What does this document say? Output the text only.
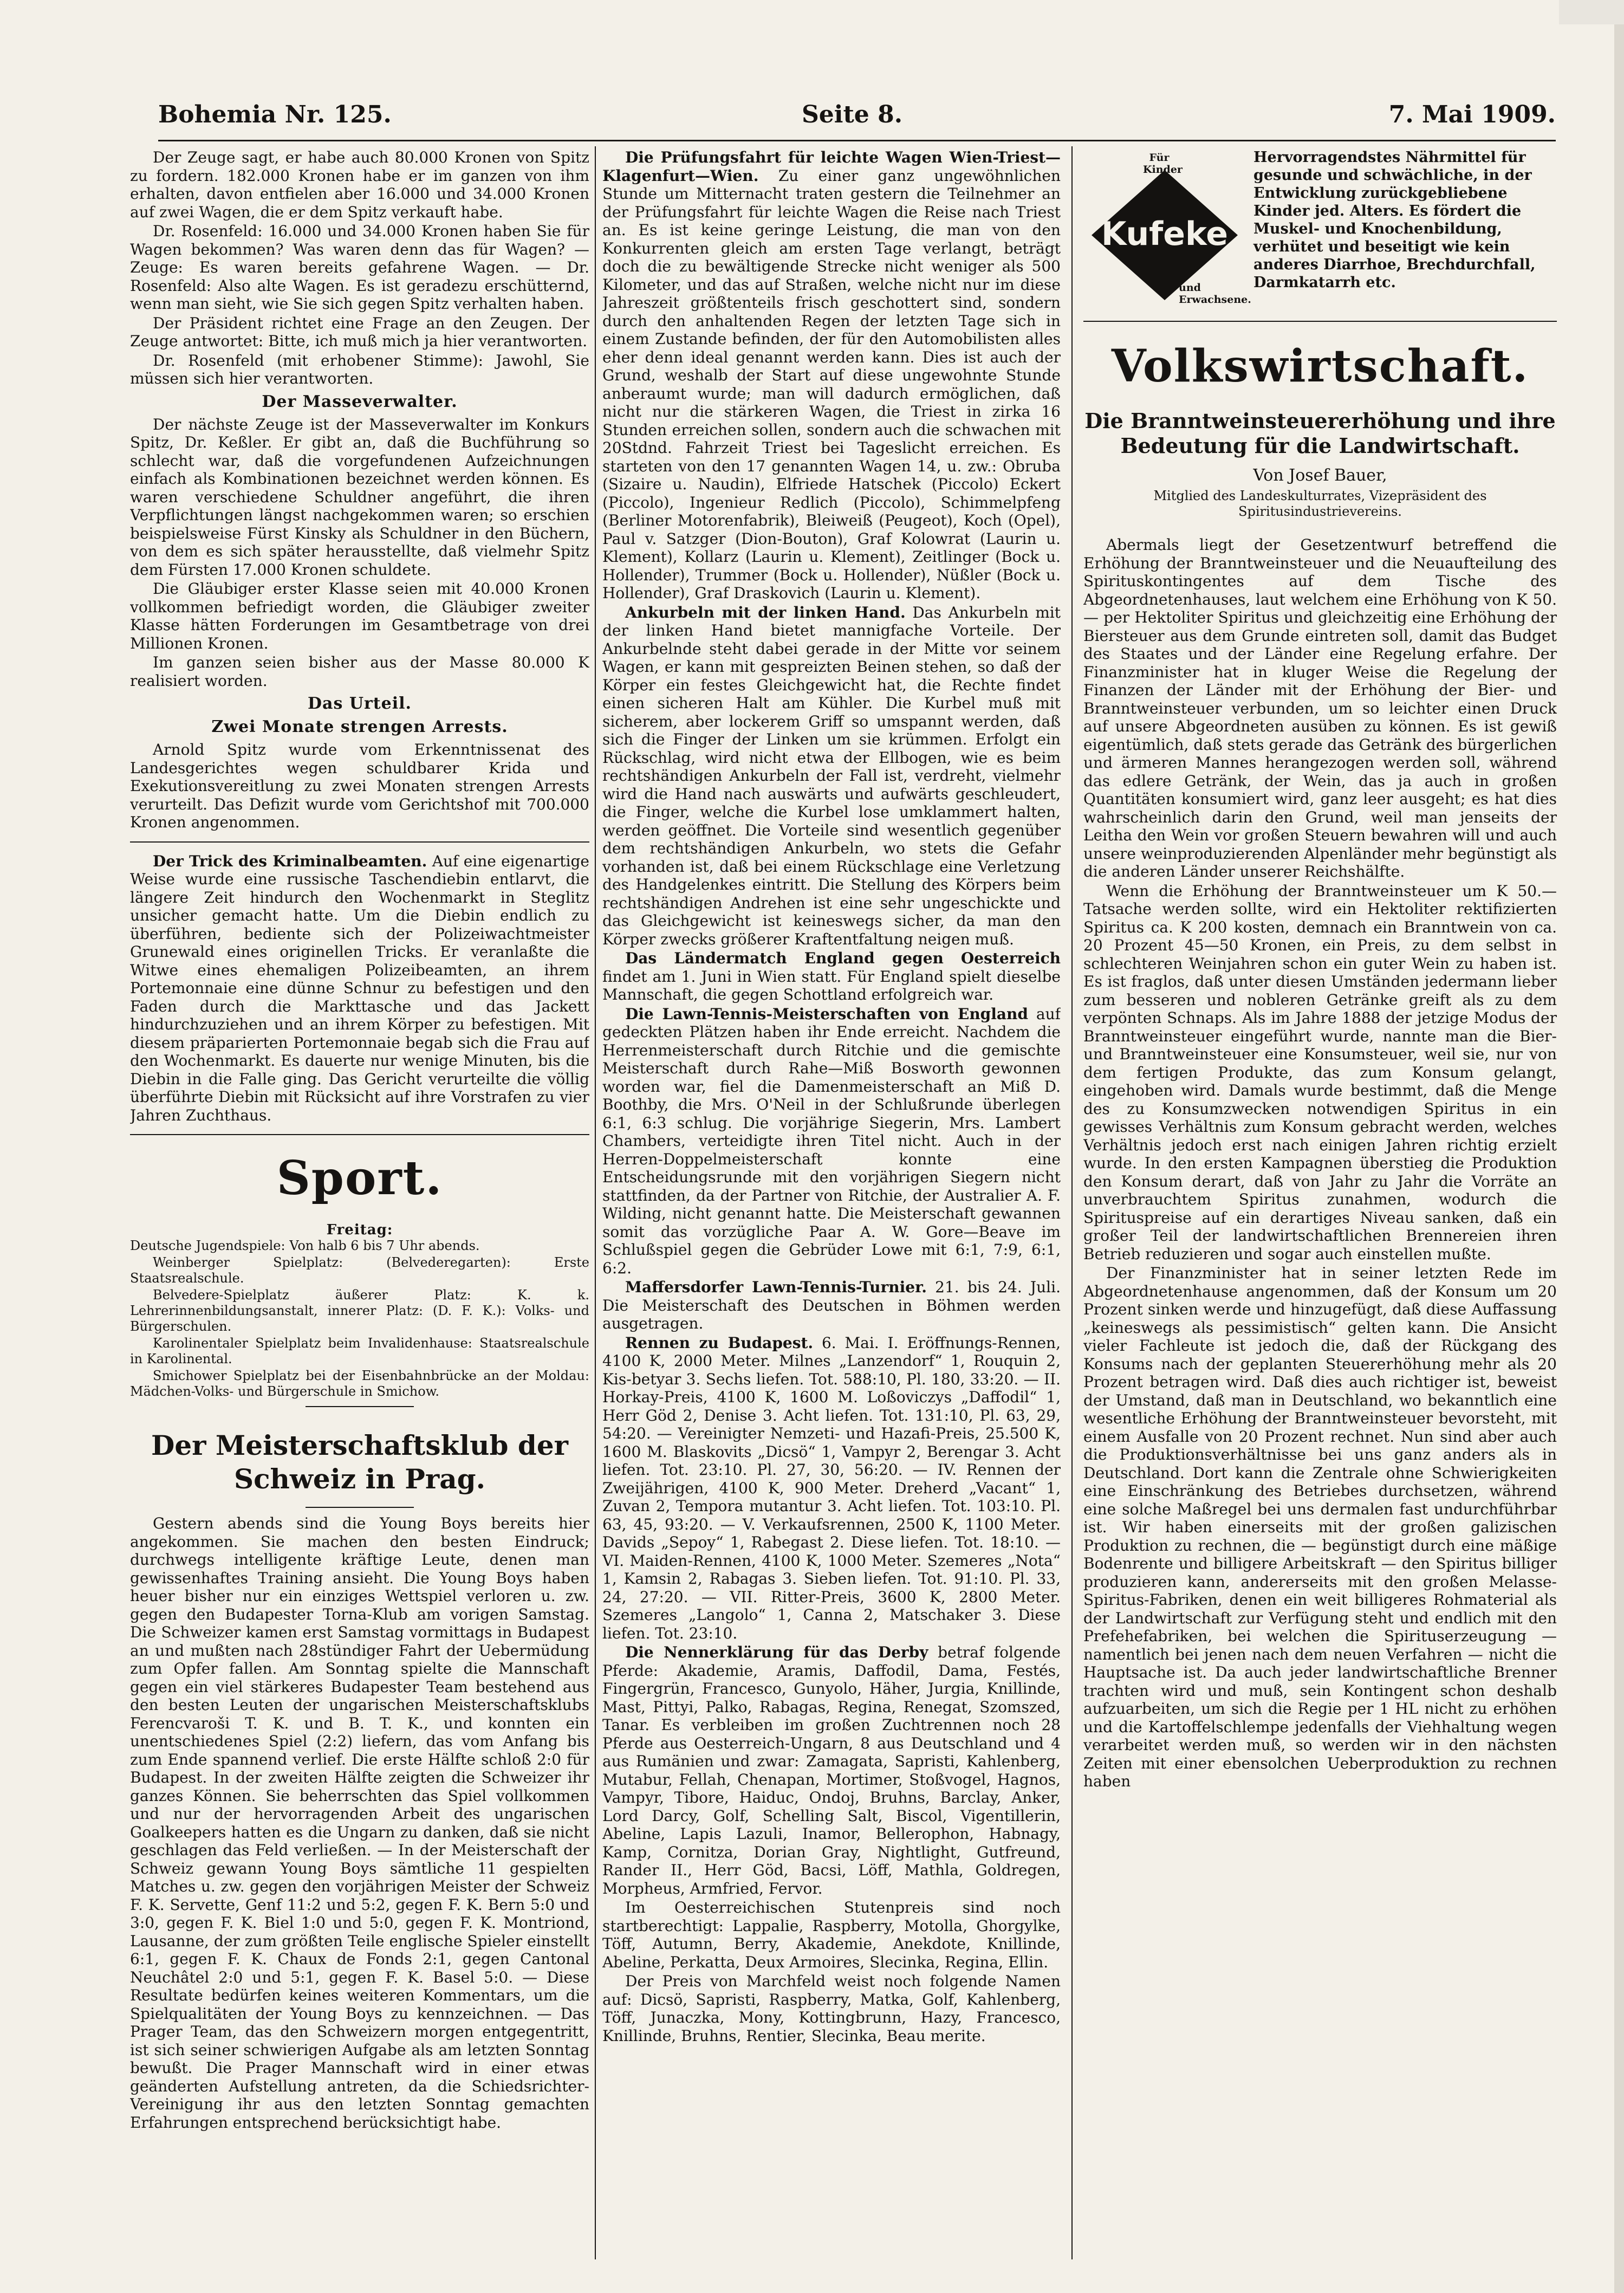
Bohemia Nr. 125.	Seite 8.	7. Mai 1909.

Der Zeuge sagt, er habe auch 80.000 Kronen von Spitz zu fordern. 182.000 Kronen habe er im ganzen von ihm erhalten, davon entfielen aber 16.000 und 34.000 Kronen auf zwei Wagen, die er dem Spitz verkauft habe.

Dr. Rosenfeld: 16.000 und 34.000 Kronen haben Sie für Wagen bekommen? Was waren denn das für Wagen? — Zeuge: Es waren bereits gefahrene Wagen. — Dr. Rosenfeld: Also alte Wagen. Es ist geradezu erschütternd, wenn man sieht, wie Sie sich gegen Spitz verhalten haben.

Der Präsident richtet eine Frage an den Zeugen. Der Zeuge antwortet: Bitte, ich muß mich ja hier verantworten.

Dr. Rosenfeld (mit erhobener Stimme): Jawohl, Sie müssen sich hier verantworten.

Der Masseverwalter.

Der nächste Zeuge ist der Masseverwalter im Konkurs Spitz, Dr. Keßler. Er gibt an, daß die Buchführung so schlecht war, daß die vorgefundenen Aufzeichnungen einfach als Kombinationen bezeichnet werden können. Es waren verschiedene Schuldner angeführt, die ihren Verpflichtungen längst nachgekommen waren; so erschien beispielsweise Fürst Kinsky als Schuldner in den Büchern, von dem es sich später herausstellte, daß vielmehr Spitz dem Fürsten 17.000 Kronen schuldete.

Die Gläubiger erster Klasse seien mit 40.000 Kronen vollkommen befriedigt worden, die Gläubiger zweiter Klasse hätten Forderungen im Gesamtbetrage von drei Millionen Kronen.

Im ganzen seien bisher aus der Masse 80.000 K realisiert worden.

Das Urteil.
Zwei Monate strengen Arrests.

Arnold Spitz wurde vom Erkenntnissenat des Landesgerichtes wegen schuldbarer Krida und Exekutionsvereitlung zu zwei Monaten strengen Arrests verurteilt. Das Defizit wurde vom Gerichtshof mit 700.000 Kronen angenommen.

Der Trick des Kriminalbeamten. Auf eine eigenartige Weise wurde eine russische Taschendiebin entlarvt, die längere Zeit hindurch den Wochenmarkt in Steglitz unsicher gemacht hatte. Um die Diebin endlich zu überführen, bediente sich der Polizeiwachtmeister Grunewald eines originellen Tricks. Er veranlaßte die Witwe eines ehemaligen Polizeibeamten, an ihrem Portemonnaie eine dünne Schnur zu befestigen und den Faden durch die Markttasche und das Jackett hindurchzuziehen und an ihrem Körper zu befestigen. Mit diesem präparierten Portemonnaie begab sich die Frau auf den Wochenmarkt. Es dauerte nur wenige Minuten, bis die Diebin in die Falle ging. Das Gericht verurteilte die völlig überführte Diebin mit Rücksicht auf ihre Vorstrafen zu vier Jahren Zuchthaus.

Sport.
Freitag:

Deutsche Jugendspiele: Von halb 6 bis 7 Uhr abends.

Weinberger Spielplatz: (Belvederegarten): Erste Staatsrealschule.

Belvedere-Spielplatz äußerer Platz: K. k. Lehrerinnenbildungsanstalt, innerer Platz: (D. F. K.): Volks- und Bürgerschulen.

Karolinentaler Spielplatz beim Invalidenhause: Staatsrealschule in Karolinental.

Smichower Spielplatz bei der Eisenbahnbrücke an der Moldau: Mädchen-Volks- und Bürgerschule in Smichow.

Der Meisterschaftsklub der Schweiz in Prag.

Gestern abends sind die Young Boys bereits hier angekommen. Sie machen den besten Eindruck; durchwegs intelligente kräftige Leute, denen man gewissenhaftes Training ansieht. Die Young Boys haben heuer bisher nur ein einziges Wettspiel verloren u. zw. gegen den Budapester Torna-Klub am vorigen Samstag. Die Schweizer kamen erst Samstag vormittags in Budapest an und mußten nach 28stündiger Fahrt der Uebermüdung zum Opfer fallen. Am Sonntag spielte die Mannschaft gegen ein viel stärkeres Budapester Team bestehend aus den besten Leuten der ungarischen Meisterschaftsklubs Ferencvaroši T. K. und B. T. K., und konnten ein unentschiedenes Spiel (2:2) liefern, das vom Anfang bis zum Ende spannend verlief. Die erste Hälfte schloß 2:0 für Budapest. In der zweiten Hälfte zeigten die Schweizer ihr ganzes Können. Sie beherrschten das Spiel vollkommen und nur der hervorragenden Arbeit des ungarischen Goalkeepers hatten es die Ungarn zu danken, daß sie nicht geschlagen das Feld verließen. — In der Meisterschaft der Schweiz gewann Young Boys sämtliche 11 gespielten Matches u. zw. gegen den vorjährigen Meister der Schweiz F. K. Servette, Genf 11:2 und 5:2, gegen F. K. Bern 5:0 und 3:0, gegen F. K. Biel 1:0 und 5:0, gegen F. K. Montriond, Lausanne, der zum größten Teile englische Spieler einstellt 6:1, gegen F. K. Chaux de Fonds 2:1, gegen Cantonal Neuchâtel 2:0 und 5:1, gegen F. K. Basel 5:0. — Diese Resultate bedürfen keines weiteren Kommentars, um die Spielqualitäten der Young Boys zu kennzeichnen. — Das Prager Team, das den Schweizern morgen entgegentritt, ist sich seiner schwierigen Aufgabe als am letzten Sonntag bewußt. Die Prager Mannschaft wird in einer etwas geänderten Aufstellung antreten, da die Schiedsrichter-Vereinigung ihr aus den letzten Sonntag gemachten Erfahrungen entsprechend berücksichtigt habe.

Die Prüfungsfahrt für leichte Wagen Wien-Triest—Klagenfurt—Wien. Zu einer ganz ungewöhnlichen Stunde um Mitternacht traten gestern die Teilnehmer an der Prüfungsfahrt für leichte Wagen die Reise nach Triest an. Es ist keine geringe Leistung, die man von den Konkurrenten gleich am ersten Tage verlangt, beträgt doch die zu bewältigende Strecke nicht weniger als 500 Kilometer, und das auf Straßen, welche nicht nur im diese Jahreszeit größtenteils frisch geschottert sind, sondern durch den anhaltenden Regen der letzten Tage sich in einem Zustande befinden, der für den Automobilisten alles eher denn ideal genannt werden kann. Dies ist auch der Grund, weshalb der Start auf diese ungewohnte Stunde anberaumt wurde; man will dadurch ermöglichen, daß nicht nur die stärkeren Wagen, die Triest in zirka 16 Stunden erreichen sollen, sondern auch die schwachen mit 20Stdnd. Fahrzeit Triest bei Tageslicht erreichen. Es starteten von den 17 genannten Wagen 14, u. zw.: Obruba (Sizaire u. Naudin), Elfriede Hatschek (Piccolo) Eckert (Piccolo), Ingenieur Redlich (Piccolo), Schimmelpfeng (Berliner Motorenfabrik), Bleiweiß (Peugeot), Koch (Opel), Paul v. Satzger (Dion-Bouton), Graf Kolowrat (Laurin u. Klement), Kollarz (Laurin u. Klement), Zeitlinger (Bock u. Hollender), Trummer (Bock u. Hollender), Nüßler (Bock u. Hollender), Graf Draskovich (Laurin u. Klement).

Ankurbeln mit der linken Hand. Das Ankurbeln mit der linken Hand bietet mannigfache Vorteile. Der Ankurbelnde steht dabei gerade in der Mitte vor seinem Wagen, er kann mit gespreizten Beinen stehen, so daß der Körper ein festes Gleichgewicht hat, die Rechte findet einen sicheren Halt am Kühler. Die Kurbel muß mit sicherem, aber lockerem Griff so umspannt werden, daß sich die Finger der Linken um sie krümmen. Erfolgt ein Rückschlag, wird nicht etwa der Ellbogen, wie es beim rechtshändigen Ankurbeln der Fall ist, verdreht, vielmehr wird die Hand nach auswärts und aufwärts geschleudert, die Finger, welche die Kurbel lose umklammert halten, werden geöffnet. Die Vorteile sind wesentlich gegenüber dem rechtshändigen Ankurbeln, wo stets die Gefahr vorhanden ist, daß bei einem Rückschlage eine Verletzung des Handgelenkes eintritt. Die Stellung des Körpers beim rechtshändigen Andrehen ist eine sehr ungeschickte und das Gleichgewicht ist keineswegs sicher, da man den Körper zwecks größerer Kraftentfaltung neigen muß.

Das Ländermatch England gegen Oesterreich findet am 1. Juni in Wien statt. Für England spielt dieselbe Mannschaft, die gegen Schottland erfolgreich war.

Die Lawn-Tennis-Meisterschaften von England auf gedeckten Plätzen haben ihr Ende erreicht. Nachdem die Herrenmeisterschaft durch Ritchie und die gemischte Meisterschaft durch Rahe—Miß Bosworth gewonnen worden war, fiel die Damenmeisterschaft an Miß D. Boothby, die Mrs. O'Neil in der Schlußrunde überlegen 6:1, 6:3 schlug. Die vorjährige Siegerin, Mrs. Lambert Chambers, verteidigte ihren Titel nicht. Auch in der Herren-Doppelmeisterschaft konnte eine Entscheidungsrunde mit den vorjährigen Siegern nicht stattfinden, da der Partner von Ritchie, der Australier A. F. Wilding, nicht genannt hatte. Die Meisterschaft gewannen somit das vorzügliche Paar A. W. Gore—Beave im Schlußspiel gegen die Gebrüder Lowe mit 6:1, 7:9, 6:1, 6:2.

Maffersdorfer Lawn-Tennis-Turnier. 21. bis 24. Juli. Die Meisterschaft des Deutschen in Böhmen werden ausgetragen.

Rennen zu Budapest. 6. Mai. I. Eröffnungs-Rennen, 4100 K, 2000 Meter. Milnes „Lanzendorf“ 1, Rouquin 2, Kis-betyar 3. Sechs liefen. Tot. 588:10, Pl. 180, 33:20. — II. Horkay-Preis, 4100 K, 1600 M. Loßoviczys „Daffodil“ 1, Herr Göd 2, Denise 3. Acht liefen. Tot. 131:10, Pl. 63, 29, 54:20. — Vereinigter Nemzeti- und Hazafi-Preis, 25.500 K, 1600 M. Blaskovits „Dicsö“ 1, Vampyr 2, Berengar 3. Acht liefen. Tot. 23:10. Pl. 27, 30, 56:20. — IV. Rennen der Zweijährigen, 4100 K, 900 Meter. Dreherd „Vacant“ 1, Zuvan 2, Tempora mutantur 3. Acht liefen. Tot. 103:10. Pl. 63, 45, 93:20. — V. Verkaufsrennen, 2500 K, 1100 Meter. Davids „Sepoy“ 1, Rabegast 2. Diese liefen. Tot. 18:10. — VI. Maiden-Rennen, 4100 K, 1000 Meter. Szemeres „Nota“ 1, Kamsin 2, Rabagas 3. Sieben liefen. Tot. 91:10. Pl. 33, 24, 27:20. — VII. Ritter-Preis, 3600 K, 2800 Meter. Szemeres „Langolo“ 1, Canna 2, Matschaker 3. Diese liefen. Tot. 23:10.

Die Nennerklärung für das Derby betraf folgende Pferde: Akademie, Aramis, Daffodil, Dama, Festés, Fingergrün, Francesco, Gunyolo, Häher, Jurgia, Knillinde, Mast, Pittyi, Palko, Rabagas, Regina, Renegat, Szomszed, Tanar. Es verbleiben im großen Zuchtrennen noch 28 Pferde aus Oesterreich-Ungarn, 8 aus Deutschland und 4 aus Rumänien und zwar: Zamagata, Sapristi, Kahlenberg, Mutabur, Fellah, Chenapan, Mortimer, Stoßvogel, Hagnos, Vampyr, Tibore, Haiduc, Ondoj, Bruhns, Barclay, Anker, Lord Darcy, Golf, Schelling Salt, Biscol, Vigentillerin, Abeline, Lapis Lazuli, Inamor, Bellerophon, Habnagy, Kamp, Cornitza, Dorian Gray, Nightlight, Gutfreund, Rander II., Herr Göd, Bacsi, Löff, Mathla, Goldregen, Morpheus, Armfried, Fervor.

Im Oesterreichischen Stutenpreis sind noch startberechtigt: Lappalie, Raspberry, Motolla, Ghorgylke, Töff, Autumn, Berry, Akademie, Anekdote, Knillinde, Abeline, Perkatta, Deux Armoires, Slecinka, Regina, Ellin.

Der Preis von Marchfeld weist noch folgende Namen auf: Dicsö, Sapristi, Raspberry, Matka, Golf, Kahlenberg, Töff, Junaczka, Mony, Kottingbrunn, Hazy, Francesco, Knillinde, Bruhns, Rentier, Slecinka, Beau merite.

Für Kinder
Kufeke
und Erwachsene.

Hervorragendstes Nährmittel für gesunde und schwächliche, in der Entwicklung zurückgebliebene Kinder jed. Alters. Es fördert die Muskel- und Knochenbildung, verhütet und beseitigt wie kein anderes Diarrhoe, Brechdurchfall, Darmkatarrh etc.

Volkswirtschaft.
Die Branntweinsteuererhöhung und ihre Bedeutung für die Landwirtschaft.
Von Josef Bauer,
Mitglied des Landeskulturrates, Vizepräsident des Spiritusindustrievereins.

Abermals liegt der Gesetzentwurf betreffend die Erhöhung der Branntweinsteuer und die Neuaufteilung des Spirituskontingentes auf dem Tische des Abgeordnetenhauses, laut welchem eine Erhöhung von K 50.— per Hektoliter Spiritus und gleichzeitig eine Erhöhung der Biersteuer aus dem Grunde eintreten soll, damit das Budget des Staates und der Länder eine Regelung erfahre. Der Finanzminister hat in kluger Weise die Regelung der Finanzen der Länder mit der Erhöhung der Bier- und Branntweinsteuer verbunden, um so leichter einen Druck auf unsere Abgeordneten ausüben zu können. Es ist gewiß eigentümlich, daß stets gerade das Getränk des bürgerlichen und ärmeren Mannes herangezogen werden soll, während das edlere Getränk, der Wein, das ja auch in großen Quantitäten konsumiert wird, ganz leer ausgeht; es hat dies wahrscheinlich darin den Grund, weil man jenseits der Leitha den Wein vor großen Steuern bewahren will und auch unsere weinproduzierenden Alpenländer mehr begünstigt als die anderen Länder unserer Reichshälfte.

Wenn die Erhöhung der Branntweinsteuer um K 50.— Tatsache werden sollte, wird ein Hektoliter rektifizierten Spiritus ca. K 200 kosten, demnach ein Branntwein von ca. 20 Prozent 45—50 Kronen, ein Preis, zu dem selbst in schlechteren Weinjahren schon ein guter Wein zu haben ist. Es ist fraglos, daß unter diesen Umständen jedermann lieber zum besseren und nobleren Getränke greift als zu dem verpönten Schnaps. Als im Jahre 1888 der jetzige Modus der Branntweinsteuer eingeführt wurde, nannte man die Bier- und Branntweinsteuer eine Konsumsteuer, weil sie, nur von dem fertigen Produkte, das zum Konsum gelangt, eingehoben wird. Damals wurde bestimmt, daß die Menge des zu Konsumzwecken notwendigen Spiritus in ein gewisses Verhältnis zum Konsum gebracht werden, welches Verhältnis jedoch erst nach einigen Jahren richtig erzielt wurde. In den ersten Kampagnen überstieg die Produktion den Konsum derart, daß von Jahr zu Jahr die Vorräte an unverbrauchtem Spiritus zunahmen, wodurch die Spirituspreise auf ein derartiges Niveau sanken, daß ein großer Teil der landwirtschaftlichen Brennereien ihren Betrieb reduzieren und sogar auch einstellen mußte.

Der Finanzminister hat in seiner letzten Rede im Abgeordnetenhause angenommen, daß der Konsum um 20 Prozent sinken werde und hinzugefügt, daß diese Auffassung „keineswegs als pessimistisch“ gelten kann. Die Ansicht vieler Fachleute ist jedoch die, daß der Rückgang des Konsums nach der geplanten Steuererhöhung mehr als 20 Prozent betragen wird. Daß dies auch richtiger ist, beweist der Umstand, daß man in Deutschland, wo bekanntlich eine wesentliche Erhöhung der Branntweinsteuer bevorsteht, mit einem Ausfalle von 20 Prozent rechnet. Nun sind aber auch die Produktionsverhältnisse bei uns ganz anders als in Deutschland. Dort kann die Zentrale ohne Schwierigkeiten eine Einschränkung des Betriebes durchsetzen, während eine solche Maßregel bei uns dermalen fast undurchführbar ist. Wir haben einerseits mit der großen galizischen Produktion zu rechnen, die — begünstigt durch eine mäßige Bodenrente und billigere Arbeitskraft — den Spiritus billiger produzieren kann, andererseits mit den großen Melasse-Spiritus-Fabriken, denen ein weit billigeres Rohmaterial als der Landwirtschaft zur Verfügung steht und endlich mit den Prefehefabriken, bei welchen die Spirituserzeugung — namentlich bei jenen nach dem neuen Verfahren — nicht die Hauptsache ist. Da auch jeder landwirtschaftliche Brenner trachten wird und muß, sein Kontingent schon deshalb aufzuarbeiten, um sich die Regie per 1 HL nicht zu erhöhen und die Kartoffelschlempe jedenfalls der Viehhaltung wegen verarbeitet werden muß, so werden wir in den nächsten Zeiten mit einer ebensolchen Ueberproduktion zu rechnen haben
